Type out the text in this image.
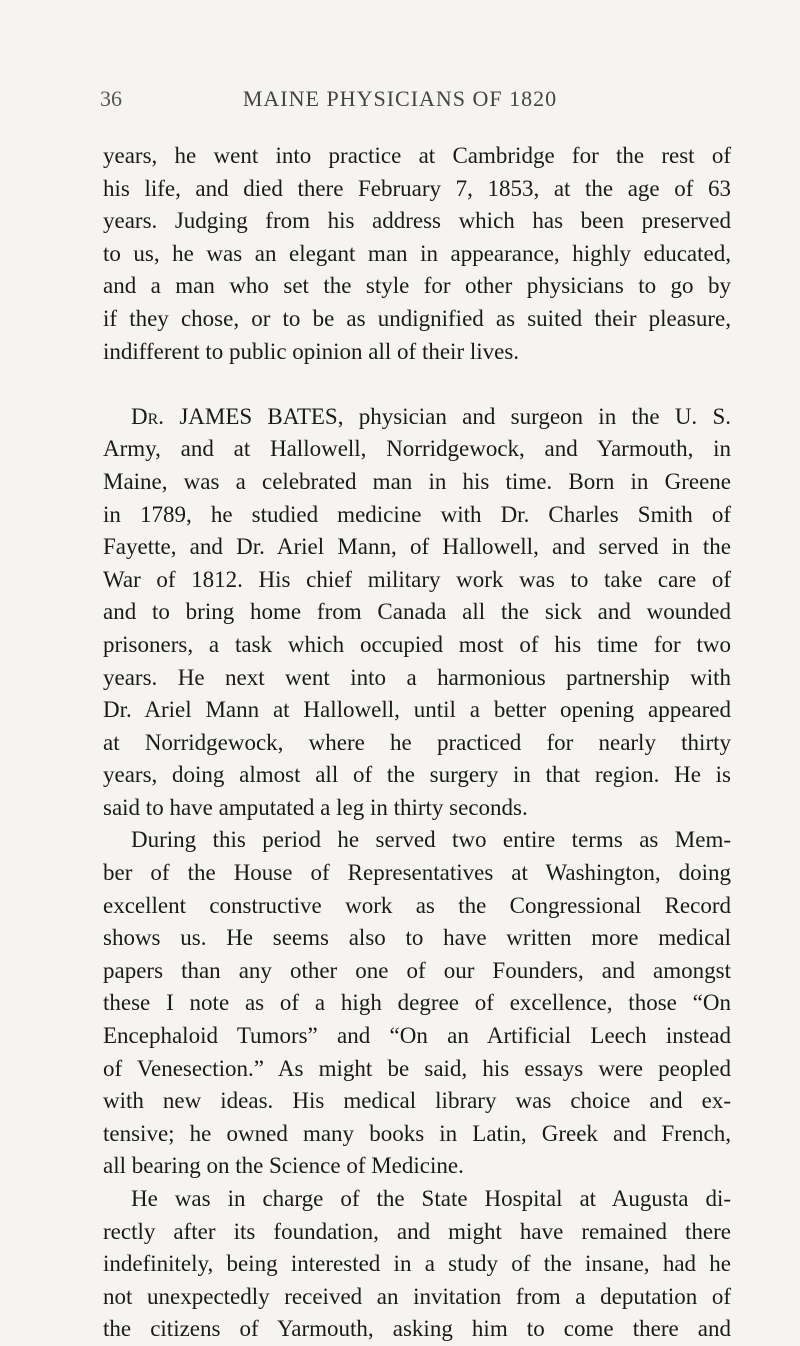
36	MAINE PHYSICIANS OF 1820
years, he went into practice at Cambridge for the rest of
his life, and died there February 7, 1853, at the age of 63
years. Judging from his address which has been preserved
to us, he was an elegant man in appearance, highly educated,
and a man who set the style for other physicians to go by
if they chose, or to be as undignified as suited their pleasure,
indifferent to public opinion all of their lives.
Dr. JAMES BATES, physician and surgeon in the U. S.
Army, and at Hallowell, Norridgewock, and Yarmouth, in
Maine, was a celebrated man in his time. Born in Greene
in 1789, he studied medicine with Dr. Charles Smith of
Fayette, and Dr. Ariel Mann, of Hallowell, and served in the
War of 1812. His chief military work was to take care of
and to bring home from Canada all the sick and wounded
prisoners, a task which occupied most of his time for two
years. He next went into a harmonious partnership with
Dr. Ariel Mann at Hallowell, until a better opening appeared
at Norridgewock, where he practiced for nearly thirty
years, doing almost all of the surgery in that region. He is
said to have amputated a leg in thirty seconds.
During this period he served two entire terms as Mem-
ber of the House of Representatives at Washington, doing
excellent constructive work as the Congressional Record
shows us. He seems also to have written more medical
papers than any other one of our Founders, and amongst
these I note as of a high degree of excellence, those “On
Encephaloid Tumors” and “On an Artificial Leech instead
of Venesection.” As might be said, his essays were peopled
with new ideas. His medical library was choice and ex-
tensive; he owned many books in Latin, Greek and French,
all bearing on the Science of Medicine.
He was in charge of the State Hospital at Augusta di-
rectly after its foundation, and might have remained there
indefinitely, being interested in a study of the insane, had he
not unexpectedly received an invitation from a deputation of
the citizens of Yarmouth, asking him to come there and
